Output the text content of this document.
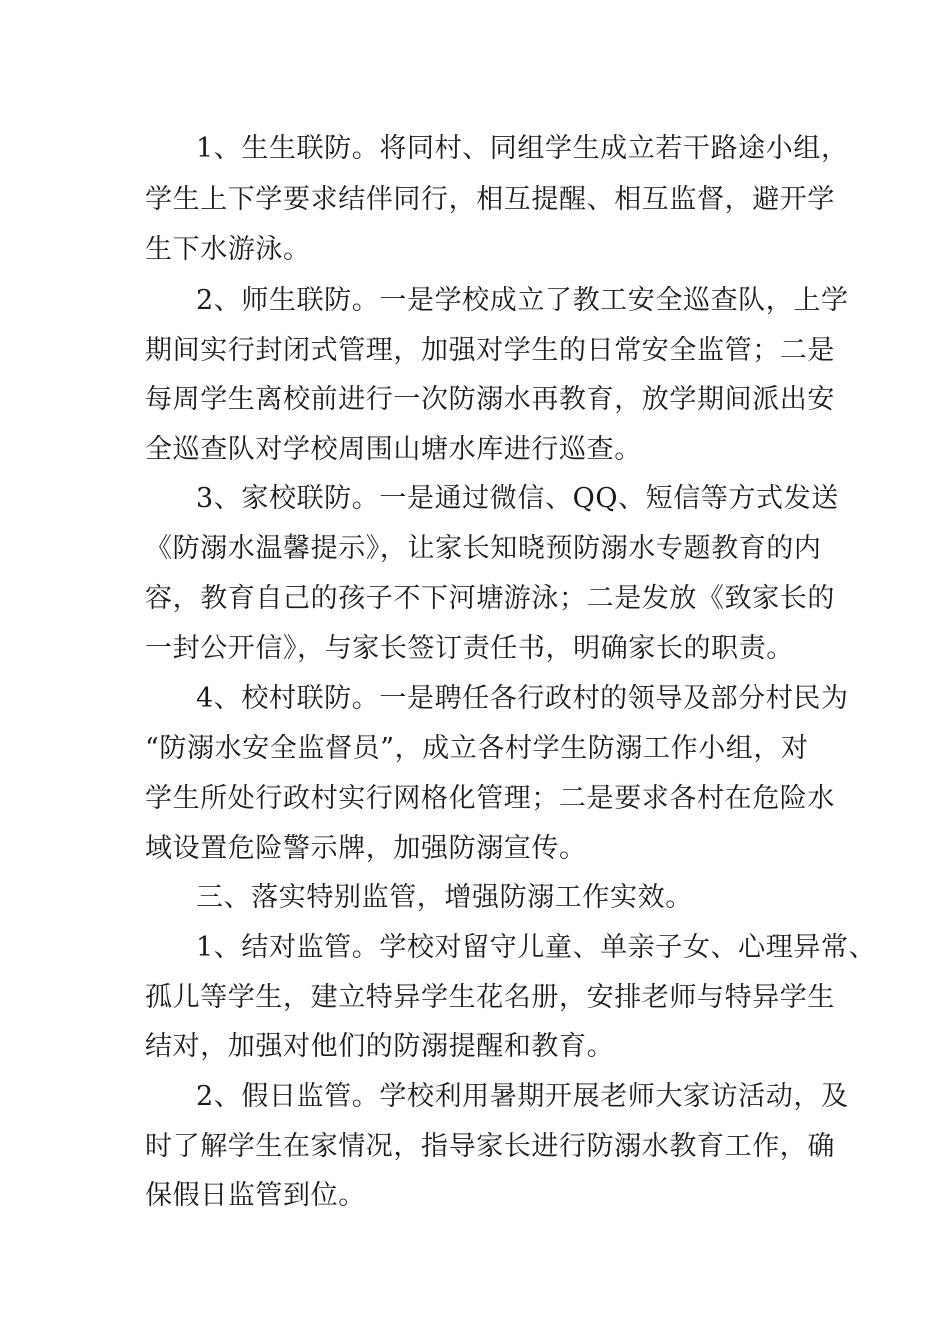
1、生生联防。将同村、同组学生成立若干路途小组，
学生上下学要求结伴同行，相互提醒、相互监督，避开学
生下水游泳。
2、师生联防。一是学校成立了教工安全巡查队，上学
期间实行封闭式管理，加强对学生的日常安全监管；二是
每周学生离校前进行一次防溺水再教育，放学期间派出安
全巡查队对学校周围山塘水库进行巡查。
3、家校联防。一是通过微信、QQ、短信等方式发送
《防溺水温馨提示》，让家长知晓预防溺水专题教育的内
容，教育自己的孩子不下河塘游泳；二是发放《致家长的
一封公开信》，与家长签订责任书，明确家长的职责。
4、校村联防。一是聘任各行政村的领导及部分村民为
“防溺水安全监督员”，成立各村学生防溺工作小组，对
学生所处行政村实行网格化管理；二是要求各村在危险水
域设置危险警示牌，加强防溺宣传。
三、落实特别监管，增强防溺工作实效。
1、结对监管。学校对留守儿童、单亲子女、心理异常、
孤儿等学生，建立特异学生花名册，安排老师与特异学生
结对，加强对他们的防溺提醒和教育。
2、假日监管。学校利用暑期开展老师大家访活动，及
时了解学生在家情况，指导家长进行防溺水教育工作，确
保假日监管到位。
